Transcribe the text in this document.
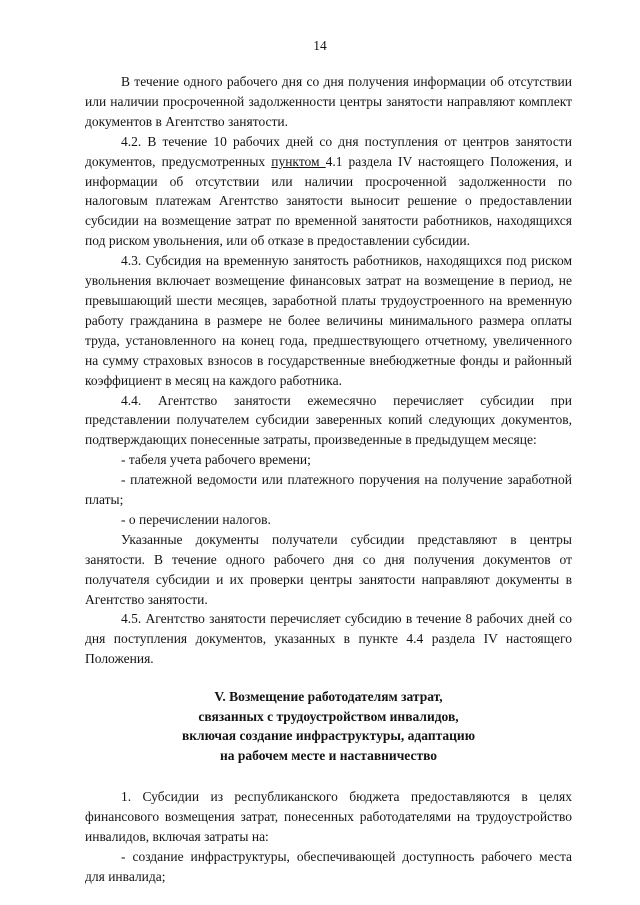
14

В течение одного рабочего дня со дня получения информации об отсутствии или наличии просроченной задолженности центры занятости направляют комплект документов в Агентство занятости.

4.2. В течение 10 рабочих дней со дня поступления от центров занятости документов, предусмотренных пунктом 4.1 раздела IV настоящего Положения, и информации об отсутствии или наличии просроченной задолженности по налоговым платежам Агентство занятости выносит решение о предоставлении субсидии на возмещение затрат по временной занятости работников, находящихся под риском увольнения, или об отказе в предоставлении субсидии.

4.3. Субсидия на временную занятость работников, находящихся под риском увольнения включает возмещение финансовых затрат на возмещение в период, не превышающий шести месяцев, заработной платы трудоустроенного на временную работу гражданина в размере не более величины минимального размера оплаты труда, установленного на конец года, предшествующего отчетному, увеличенного на сумму страховых взносов в государственные внебюджетные фонды и районный коэффициент в месяц на каждого работника.

4.4. Агентство занятости ежемесячно перечисляет субсидии при представлении получателем субсидии заверенных копий следующих документов, подтверждающих понесенные затраты, произведенные в предыдущем месяце:

- табеля учета рабочего времени;

- платежной ведомости или платежного поручения на получение заработной платы;

- о перечислении налогов.

Указанные документы получатели субсидии представляют в центры занятости. В течение одного рабочего дня со дня получения документов от получателя субсидии и их проверки центры занятости направляют документы в Агентство занятости.

4.5. Агентство занятости перечисляет субсидию в течение 8 рабочих дней со дня поступления документов, указанных в пункте 4.4 раздела IV настоящего Положения.

V. Возмещение работодателям затрат,
связанных с трудоустройством инвалидов,
включая создание инфраструктуры, адаптацию
на рабочем месте и наставничество

1. Субсидии из республиканского бюджета предоставляются в целях финансового возмещения затрат, понесенных работодателями на трудоустройство инвалидов, включая затраты на:

- создание инфраструктуры, обеспечивающей доступность рабочего места для инвалида;
